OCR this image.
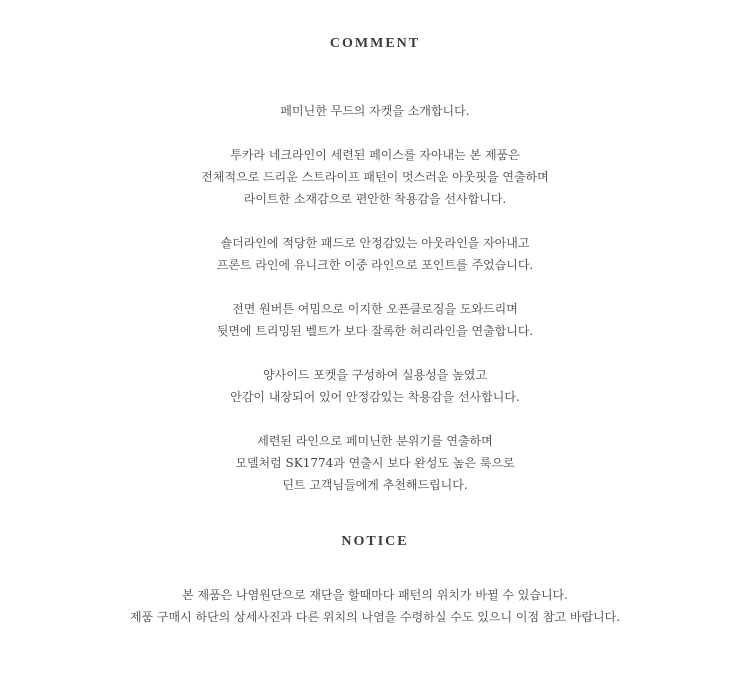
COMMENT
페미닌한 무드의 자켓을 소개합니다.
투카라 네크라인이 세련된 페이스를 자아내는 본 제품은
전체적으로 드리운 스트라이프 패턴이 멋스러운 아웃핏을 연출하며
라이트한 소재감으로 편안한 착용감을 선사합니다.
숄더라인에 적당한 패드로 안정감있는 아웃라인을 자아내고
프론트 라인에 유니크한 이중 라인으로 포인트를 주었습니다.
전면 원버튼 여밈으로 이지한 오픈클로징을 도와드리며
뒷면에 트리밍된 벨트가 보다 잘록한 허리라인을 연출합니다.
양사이드 포켓을 구성하여 실용성을 높였고
안감이 내장되어 있어 안정감있는 착용감을 선사합니다.
세련된 라인으로 페미닌한 분위기를 연출하며
모델처럼 SK1774과 연출시 보다 완성도 높은 룩으로
딘트 고객님들에게 추천해드립니다.
NOTICE
본 제품은 나염원단으로 재단을 할때마다 패턴의 위치가 바뀔 수 있습니다.
제품 구매시 하단의 상세사진과 다른 위치의 나염을 수령하실 수도 있으니 이점 참고 바랍니다.
